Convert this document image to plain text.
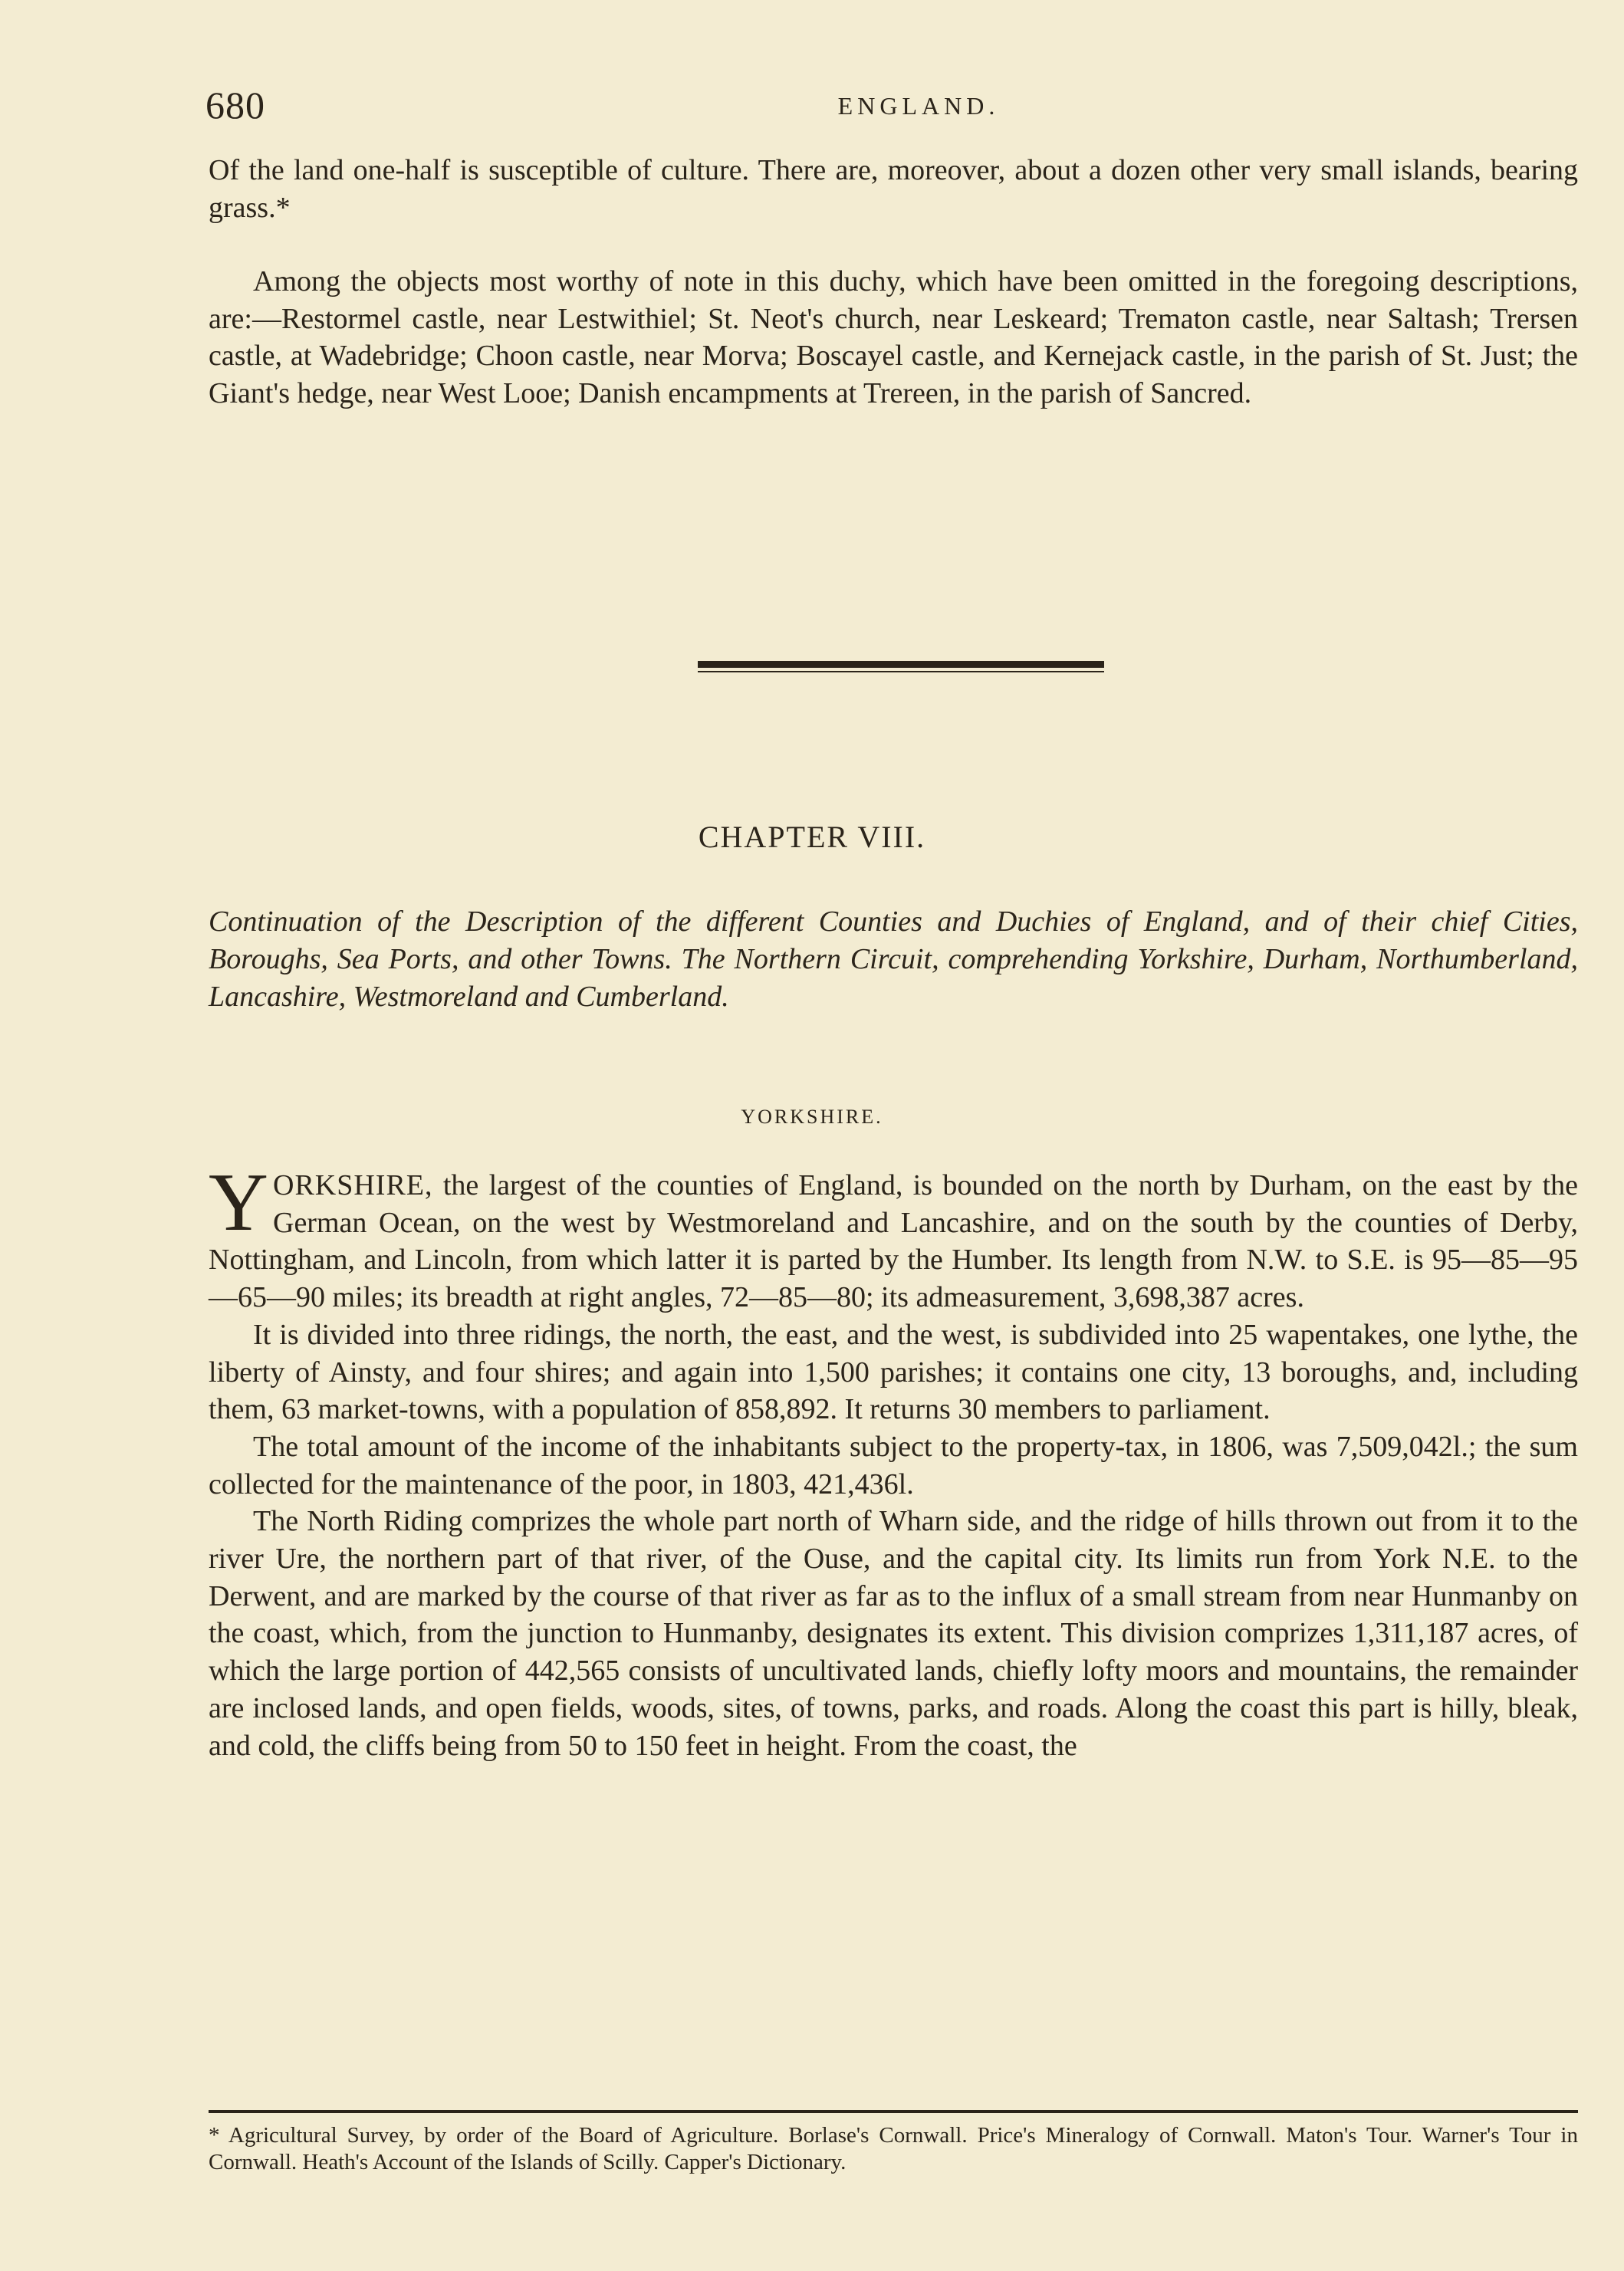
680	ENGLAND.

Of the land one-half is susceptible of culture. There are, moreover, about a dozen other very small islands, bearing grass.*

Among the objects most worthy of note in this duchy, which have been omitted in the foregoing descriptions, are:—Restormel castle, near Lestwithiel; St. Neot's church, near Leskeard; Trematon castle, near Saltash; Trersen castle, at Wadebridge; Choon castle, near Morva; Boscayel castle, and Kernejack castle, in the parish of St. Just; the Giant's hedge, near West Looe; Danish encampments at Trereen, in the parish of Sancred.

CHAPTER VIII.
Continuation of the Description of the different Counties and Duchies of England, and of their chief Cities, Boroughs, Sea Ports, and other Towns. The Northern Circuit, comprehending Yorkshire, Durham, Northumberland, Lancashire, Westmoreland and Cumberland.
YORKSHIRE.

YORKSHIRE, the largest of the counties of England, is bounded on the north by Durham, on the east by the German Ocean, on the west by Westmoreland and Lancashire, and on the south by the counties of Derby, Nottingham, and Lincoln, from which latter it is parted by the Humber. Its length from N.W. to S.E. is 95—85—95—65—90 miles; its breadth at right angles, 72—85—80; its admeasurement, 3,698,387 acres.

It is divided into three ridings, the north, the east, and the west, is subdivided into 25 wapentakes, one lythe, the liberty of Ainsty, and four shires; and again into 1,500 parishes; it contains one city, 13 boroughs, and, including them, 63 market-towns, with a population of 858,892. It returns 30 members to parliament.

The total amount of the income of the inhabitants subject to the property-tax, in 1806, was 7,509,042l.; the sum collected for the maintenance of the poor, in 1803, 421,436l.

The North Riding comprizes the whole part north of Wharn side, and the ridge of hills thrown out from it to the river Ure, the northern part of that river, of the Ouse, and the capital city. Its limits run from York N.E. to the Derwent, and are marked by the course of that river as far as to the influx of a small stream from near Hunmanby on the coast, which, from the junction to Hunmanby, designates its extent. This division comprizes 1,311,187 acres, of which the large portion of 442,565 consists of uncultivated lands, chiefly lofty moors and mountains, the remainder are inclosed lands, and open fields, woods, sites, of towns, parks, and roads. Along the coast this part is hilly, bleak, and cold, the cliffs being from 50 to 150 feet in height. From the coast, the

* Agricultural Survey, by order of the Board of Agriculture. Borlase's Cornwall. Price's Mineralogy of Cornwall. Maton's Tour. Warner's Tour in Cornwall. Heath's Account of the Islands of Scilly. Capper's Dictionary.
